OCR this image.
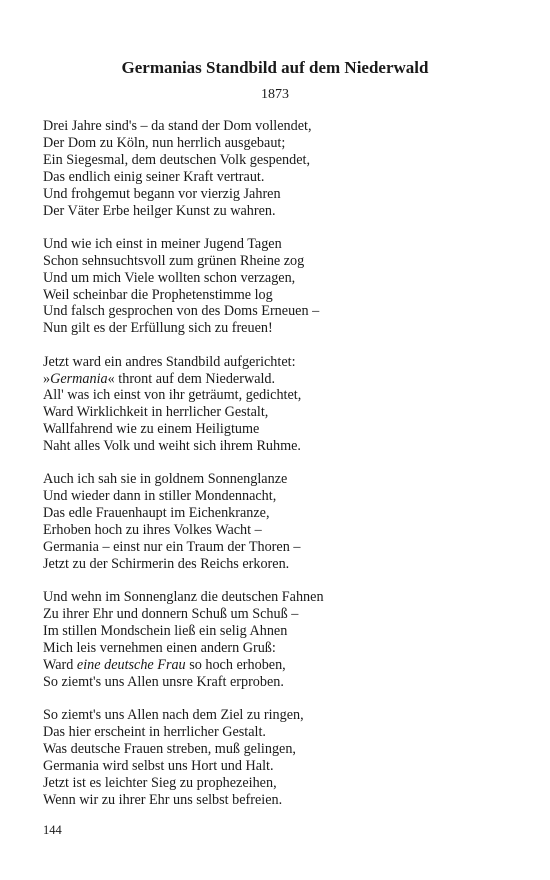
Germanias Standbild auf dem Niederwald
1873
Drei Jahre sind's – da stand der Dom vollendet,
Der Dom zu Köln, nun herrlich ausgebaut;
Ein Siegesmal, dem deutschen Volk gespendet,
Das endlich einig seiner Kraft vertraut.
Und frohgemut begann vor vierzig Jahren
Der Väter Erbe heilger Kunst zu wahren.
Und wie ich einst in meiner Jugend Tagen
Schon sehnsuchtsvoll zum grünen Rheine zog
Und um mich Viele wollten schon verzagen,
Weil scheinbar die Prophetenstimme log
Und falsch gesprochen von des Doms Erneuen –
Nun gilt es der Erfüllung sich zu freuen!
Jetzt ward ein andres Standbild aufgerichtet:
»Germania« thront auf dem Niederwald.
All' was ich einst von ihr geträumt, gedichtet,
Ward Wirklichkeit in herrlicher Gestalt,
Wallfahrend wie zu einem Heiligtume
Naht alles Volk und weiht sich ihrem Ruhme.
Auch ich sah sie in goldnem Sonnenglanze
Und wieder dann in stiller Mondennacht,
Das edle Frauenhaupt im Eichenkranze,
Erhoben hoch zu ihres Volkes Wacht –
Germania – einst nur ein Traum der Thoren –
Jetzt zu der Schirmerin des Reichs erkoren.
Und wehn im Sonnenglanz die deutschen Fahnen
Zu ihrer Ehr und donnern Schuß um Schuß –
Im stillen Mondschein ließ ein selig Ahnen
Mich leis vernehmen einen andern Gruß:
Ward eine deutsche Frau so hoch erhoben,
So ziemt's uns Allen unsre Kraft erproben.
So ziemt's uns Allen nach dem Ziel zu ringen,
Das hier erscheint in herrlicher Gestalt.
Was deutsche Frauen streben, muß gelingen,
Germania wird selbst uns Hort und Halt.
Jetzt ist es leichter Sieg zu prophezeihen,
Wenn wir zu ihrer Ehr uns selbst befreien.
144
